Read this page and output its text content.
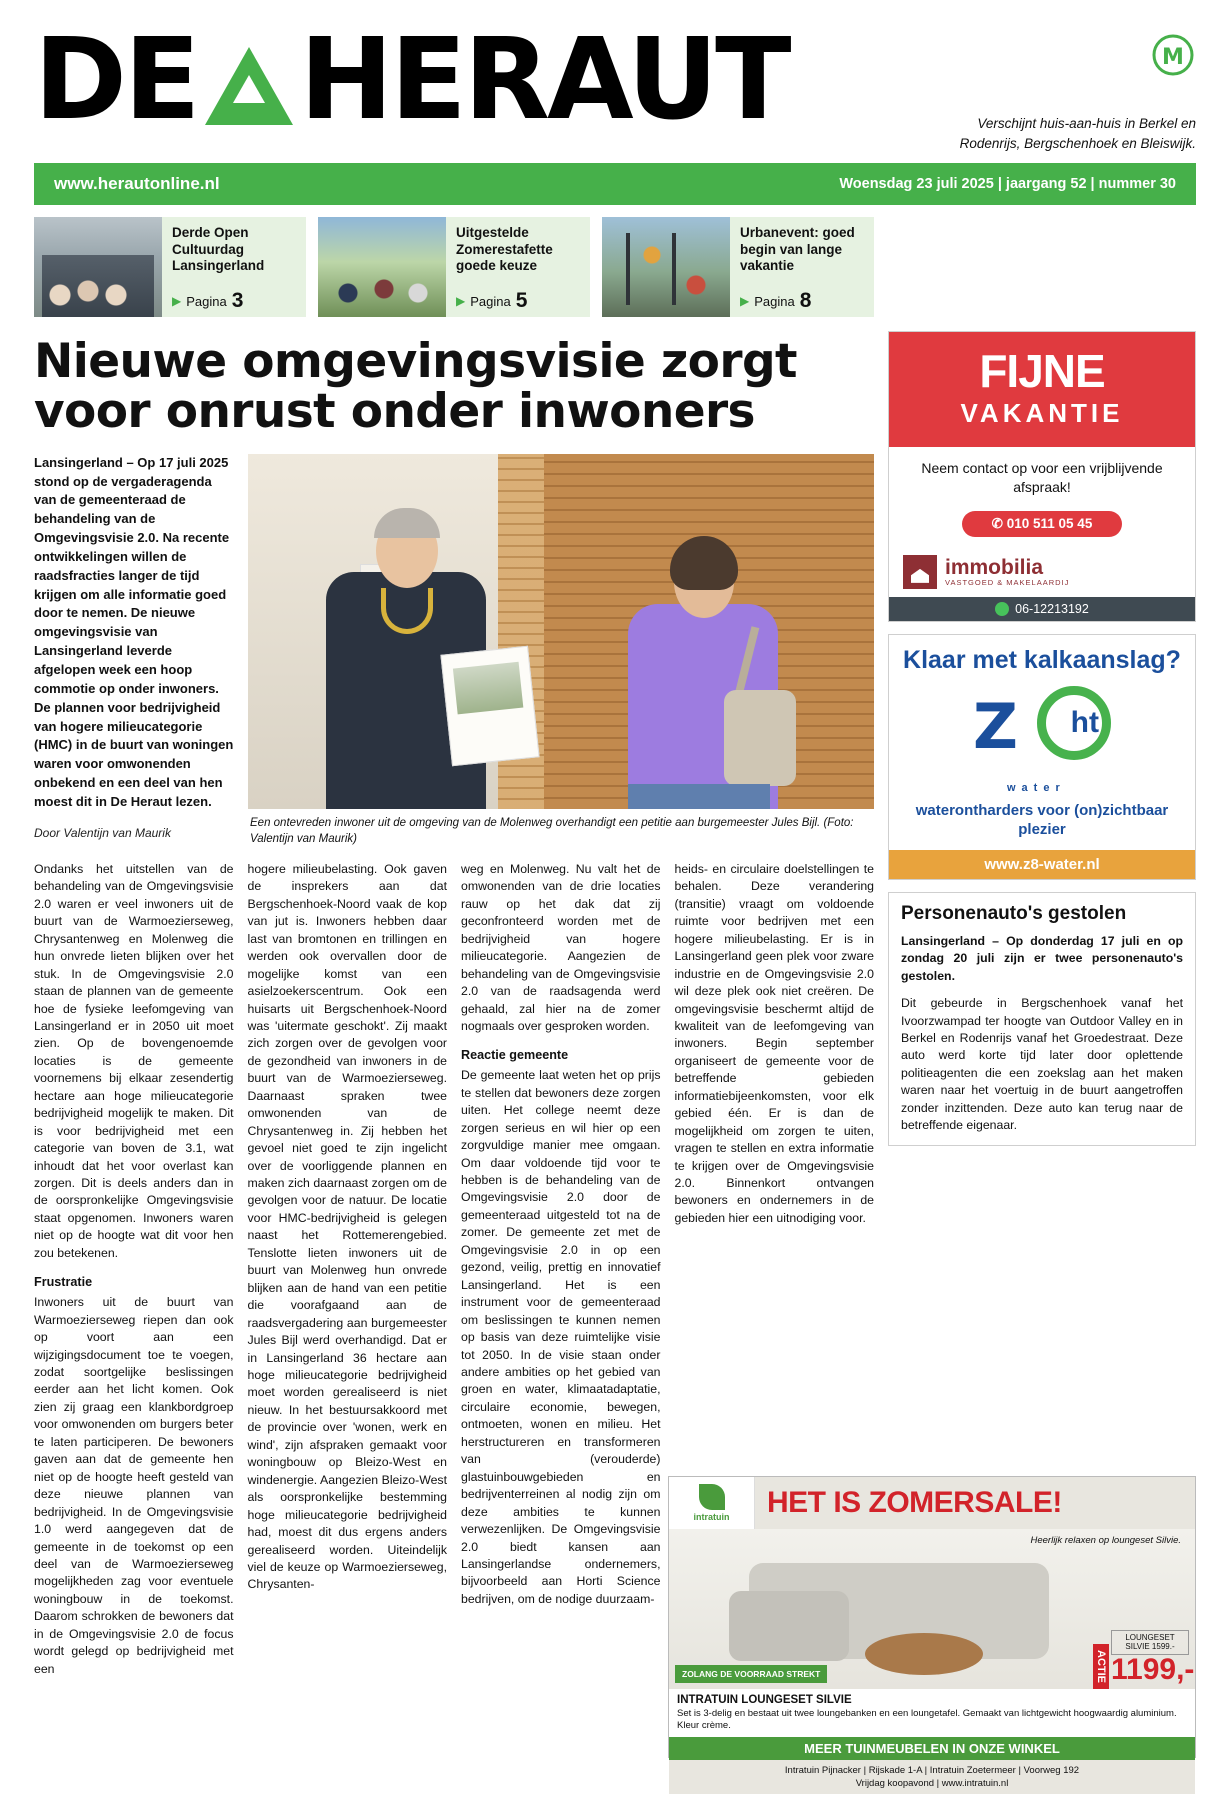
DE HERAUT	Verschijnt huis-aan-huis in Berkel en Rodenrijs, Bergschenhoek en Bleiswijk.
M
www.herautonline.nl	Woensdag 23 juli 2025 | jaargang 52 | nummer 30
Derde Open Cultuurdag Lansingerland
▶ Pagina 3
Uitgestelde Zomerestafette goede keuze
▶ Pagina 5
Urbanevent: goed begin van lange vakantie
▶ Pagina 8
Nieuwe omgevingsvisie zorgt voor onrust onder inwoners
Lansingerland – Op 17 juli 2025 stond op de vergaderagenda van de gemeenteraad de behandeling van de Omgevingsvisie 2.0. Na recente ontwikkelingen willen de raadsfracties langer de tijd krijgen om alle informatie goed door te nemen. De nieuwe omgevingsvisie van Lansingerland leverde afgelopen week een hoop commotie op onder inwoners. De plannen voor bedrijvigheid van hogere milieucategorie (HMC) in de buurt van woningen waren voor omwonenden onbekend en een deel van hen moest dit in De Heraut lezen.
Door Valentijn van Maurik
Een ontevreden inwoner uit de omgeving van de Molenweg overhandigt een petitie aan burgemeester Jules Bijl. (Foto: Valentijn van Maurik)

Ondanks het uitstellen van de behandeling van de Omgevingsvisie 2.0 waren er veel inwoners uit de buurt van de Warmoezierseweg, Chrysantenweg en Molenweg die hun onvrede lieten blijken over het stuk. In de Omgevingsvisie 2.0 staan de plannen van de gemeente hoe de fysieke leefomgeving van Lansingerland er in 2050 uit moet zien. Op de bovengenoemde locaties is de gemeente voornemens bij elkaar zesendertig hectare aan hoge milieucategorie bedrijvigheid mogelijk te maken. Dit is voor bedrijvigheid met een categorie van boven de 3.1, wat inhoudt dat het voor overlast kan zorgen. Dit is deels anders dan in de oorspronkelijke Omgevingsvisie staat opgenomen. Inwoners waren niet op de hoogte wat dit voor hen zou betekenen.

Frustratie

Inwoners uit de buurt van Warmoezierseweg riepen dan ook op voort aan een wijzigingsdocument toe te voegen, zodat soortgelijke beslissingen eerder aan het licht komen. Ook zien zij graag een klankbordgroep voor omwonenden om burgers beter te laten participeren. De bewoners gaven aan dat de gemeente hen niet op de hoogte heeft gesteld van deze nieuwe plannen van bedrijvigheid. In de Omgevingsvisie 1.0 werd aangegeven dat de gemeente in de toekomst op een deel van de Warmoezierseweg mogelijkheden zag voor eventuele woningbouw in de toekomst. Daarom schrokken de bewoners dat in de Omgevingsvisie 2.0 de focus wordt gelegd op bedrijvigheid met een

hogere milieubelasting. Ook gaven de insprekers aan dat Bergschenhoek-Noord vaak de kop van jut is. Inwoners hebben daar last van bromtonen en trillingen en werden ook overvallen door de mogelijke komst van een asielzoekerscentrum. Ook een huisarts uit Bergschenhoek-Noord was 'uitermate geschokt'. Zij maakt zich zorgen over de gevolgen voor de gezondheid van inwoners in de buurt van de Warmoezierseweg. Daarnaast spraken twee omwonenden van de Chrysantenweg in. Zij hebben het gevoel niet goed te zijn ingelicht over de voorliggende plannen en maken zich daarnaast zorgen om de gevolgen voor de natuur. De locatie voor HMC-bedrijvigheid is gelegen naast het Rottemerengebied. Tenslotte lieten inwoners uit de buurt van Molenweg hun onvrede blijken aan de hand van een petitie die voorafgaand aan de raadsvergadering aan burgemeester Jules Bijl werd overhandigd. Dat er in Lansingerland 36 hectare aan hoge milieucategorie bedrijvigheid moet worden gerealiseerd is niet nieuw. In het bestuursakkoord met de provincie over 'wonen, werk en wind', zijn afspraken gemaakt voor woningbouw op Bleizo-West en windenergie. Aangezien Bleizo-West als oorspronkelijke bestemming hoge milieucategorie bedrijvigheid had, moest dit dus ergens anders gerealiseerd worden. Uiteindelijk viel de keuze op Warmoezierseweg, Chrysanten-

weg en Molenweg. Nu valt het de omwonenden van de drie locaties rauw op het dak dat zij geconfronteerd worden met de bedrijvigheid van hogere milieucategorie. Aangezien de behandeling van de Omgevingsvisie 2.0 van de raadsagenda werd gehaald, zal hier na de zomer nogmaals over gesproken worden.

Reactie gemeente

De gemeente laat weten het op prijs te stellen dat bewoners deze zorgen uiten. Het college neemt deze zorgen serieus en wil hier op een zorgvuldige manier mee omgaan. Om daar voldoende tijd voor te hebben is de behandeling van de Omgevingsvisie 2.0 door de gemeenteraad uitgesteld tot na de zomer. De gemeente zet met de Omgevingsvisie 2.0 in op een gezond, veilig, prettig en innovatief Lansingerland. Het is een instrument voor de gemeenteraad om beslissingen te kunnen nemen op basis van deze ruimtelijke visie tot 2050. In de visie staan onder andere ambities op het gebied van groen en water, klimaatadaptatie, circulaire economie, bewegen, ontmoeten, wonen en milieu. Het herstructureren en transformeren van (verouderde) glastuinbouwgebieden en bedrijventerreinen al nodig zijn om deze ambities te kunnen verwezenlijken. De Omgevingsvisie 2.0 biedt kansen aan Lansingerlandse ondernemers, bijvoorbeeld aan Horti Science bedrijven, om de nodige duurzaam-

heids- en circulaire doelstellingen te behalen. Deze verandering (transitie) vraagt om voldoende ruimte voor bedrijven met een hogere milieubelasting. Er is in Lansingerland geen plek voor zware industrie en de Omgevingsvisie 2.0 wil deze plek ook niet creëren. De omgevingsvisie beschermt altijd de kwaliteit van de leefomgeving van inwoners. Begin september organiseert de gemeente voor de betreffende gebieden informatiebijeenkomsten, voor elk gebied één. Er is dan de mogelijkheid om zorgen te uiten, vragen te stellen en extra informatie te krijgen over de Omgevingsvisie 2.0. Binnenkort ontvangen bewoners en ondernemers in de gebieden hier een uitnodiging voor.

FIJNE
VAKANTIE
Neem contact op voor een vrijblijvende afspraak!
✆ 010 511 05 45
immobilia
VASTGOED & MAKELAARDIJ
06-12213192
Klaar met kalkaanslag?
Z ht
water
waterontharders voor (on)zichtbaar plezier
www.z8-water.nl
Personenauto's gestolen
Lansingerland – Op donderdag 17 juli en op zondag 20 juli zijn er twee personenauto's gestolen.
Dit gebeurde in Bergschenhoek vanaf het Ivoorzwampad ter hoogte van Outdoor Valley en in Berkel en Rodenrijs vanaf het Groedestraat. Deze auto werd korte tijd later door oplettende politieagenten die een zoekslag aan het maken waren naar het voertuig in de buurt aangetroffen zonder inzittenden. Deze auto kan terug naar de betreffende eigenaar.
intratuin	HET IS ZOMERSALE!
Heerlijk relaxen op loungeset Silvie.
ZOLANG DE VOORRAAD STREKT	ACTIE
LOUNGESET SILVIE 1599.-
1199,-
INTRATUIN LOUNGESET SILVIE
Set is 3-delig en bestaat uit twee loungebanken en een loungetafel. Gemaakt van lichtgewicht hoogwaardig aluminium. Kleur crème.
MEER TUINMEUBELEN IN ONZE WINKEL
Intratuin Pijnacker | Rijskade 1-A | Intratuin Zoetermeer | Voorweg 192
Vrijdag koopavond | www.intratuin.nl
